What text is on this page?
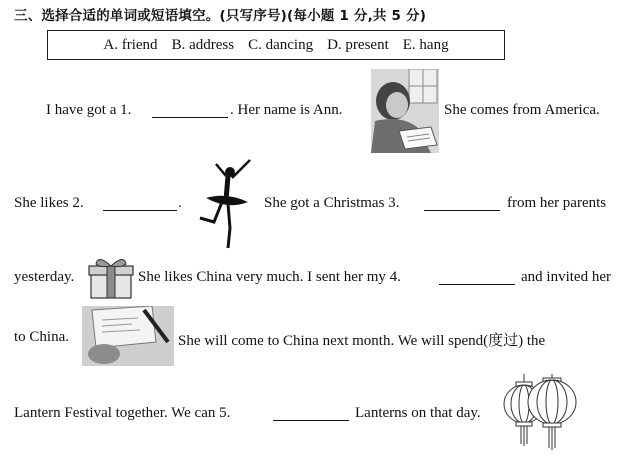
三、选择合适的单词或短语填空。(只写序号)(每小题 1 分,共 5 分)
A. friend B. address C. dancing D. present E. hang
I have got a 1.	. Her name is Ann.	She comes from America.
She likes 2.	.	She got a Christmas 3.	from her parents
yesterday.	She likes China very much. I sent her my 4.	and invited her
to China.	She will come to China next month. We will spend(度过) the
Lantern Festival together. We can 5.	Lanterns on that day.
